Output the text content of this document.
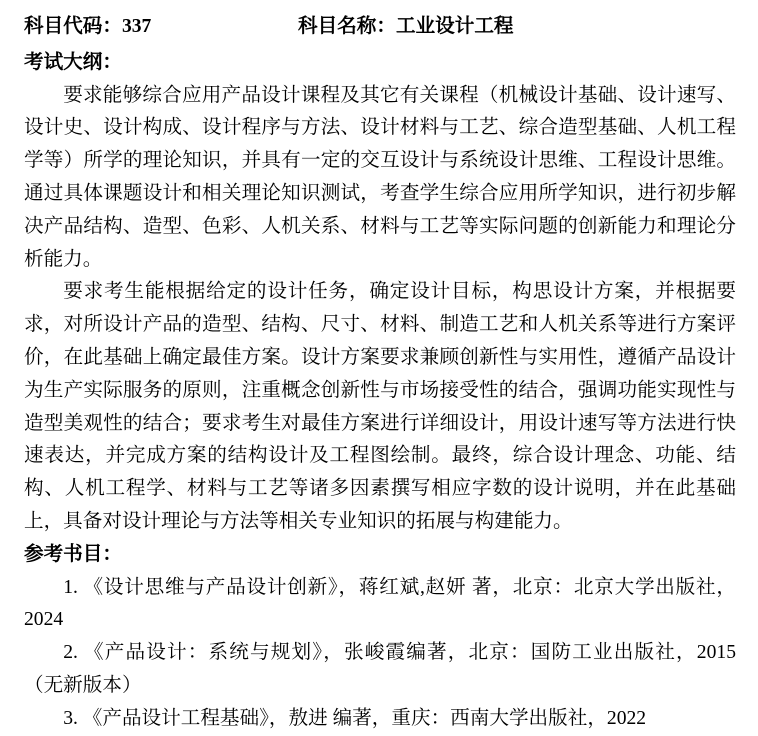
科目代码：337	科目名称：工业设计工程
考试大纲：

要求能够综合应用产品设计课程及其它有关课程（机械设计基础、设计速写、设计史、设计构成、设计程序与方法、设计材料与工艺、综合造型基础、人机工程学等）所学的理论知识，并具有一定的交互设计与系统设计思维、工程设计思维。通过具体课题设计和相关理论知识测试，考查学生综合应用所学知识，进行初步解决产品结构、造型、色彩、人机关系、材料与工艺等实际问题的创新能力和理论分析能力。

要求考生能根据给定的设计任务，确定设计目标，构思设计方案，并根据要求，对所设计产品的造型、结构、尺寸、材料、制造工艺和人机关系等进行方案评价，在此基础上确定最佳方案。设计方案要求兼顾创新性与实用性，遵循产品设计为生产实际服务的原则，注重概念创新性与市场接受性的结合，强调功能实现性与造型美观性的结合；要求考生对最佳方案进行详细设计，用设计速写等方法进行快速表达，并完成方案的结构设计及工程图绘制。最终，综合设计理念、功能、结构、人机工程学、材料与工艺等诸多因素撰写相应字数的设计说明，并在此基础上，具备对设计理论与方法等相关专业知识的拓展与构建能力。

参考书目：

1. 《设计思维与产品设计创新》，蒋红斌,赵妍 著，北京：北京大学出版社，2024

2. 《产品设计：系统与规划》，张峻霞编著，北京：国防工业出版社，2015（无新版本）

3. 《产品设计工程基础》，敖进 编著，重庆：西南大学出版社，2022
